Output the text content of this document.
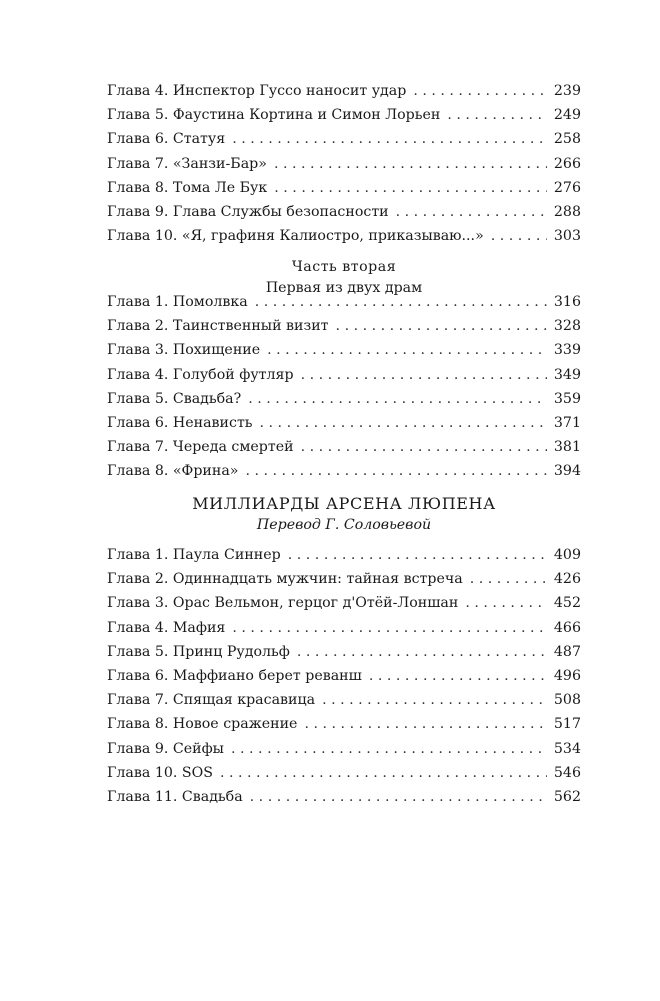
Глава 4. Инспектор Гуссо наносит удар . . .	239
Глава 5. Фаустина Кортина и Симон Лорьен . . .	249
Глава 6. Статуя . . .	258
Глава 7. «Занзи-Бар» . . .	266
Глава 8. Тома Ле Бук . . .	276
Глава 9. Глава Службы безопасности . . .	288
Глава 10. «Я, графиня Калиостро, приказываю...» . . .	303
Часть вторая
Первая из двух драм
Глава 1. Помолвка . . .	316
Глава 2. Таинственный визит . . .	328
Глава 3. Похищение . . .	339
Глава 4. Голубой футляр . . .	349
Глава 5. Свадьба? . . .	359
Глава 6. Ненависть . . .	371
Глава 7. Череда смертей . . .	381
Глава 8. «Фрина» . . .	394
МИЛЛИАРДЫ АРСЕНА ЛЮПЕНА
Перевод Г. Соловьевой
Глава 1. Паула Синнер . . .	409
Глава 2. Одиннадцать мужчин: тайная встреча . . .	426
Глава 3. Орас Вельмон, герцог д'Отёй-Лоншан . . .	452
Глава 4. Мафия . . .	466
Глава 5. Принц Рудольф . . .	487
Глава 6. Маффиано берет реванш . . .	496
Глава 7. Спящая красавица . . .	508
Глава 8. Новое сражение . . .	517
Глава 9. Сейфы . . .	534
Глава 10. SOS . . .	546
Глава 11. Свадьба . . .	562
